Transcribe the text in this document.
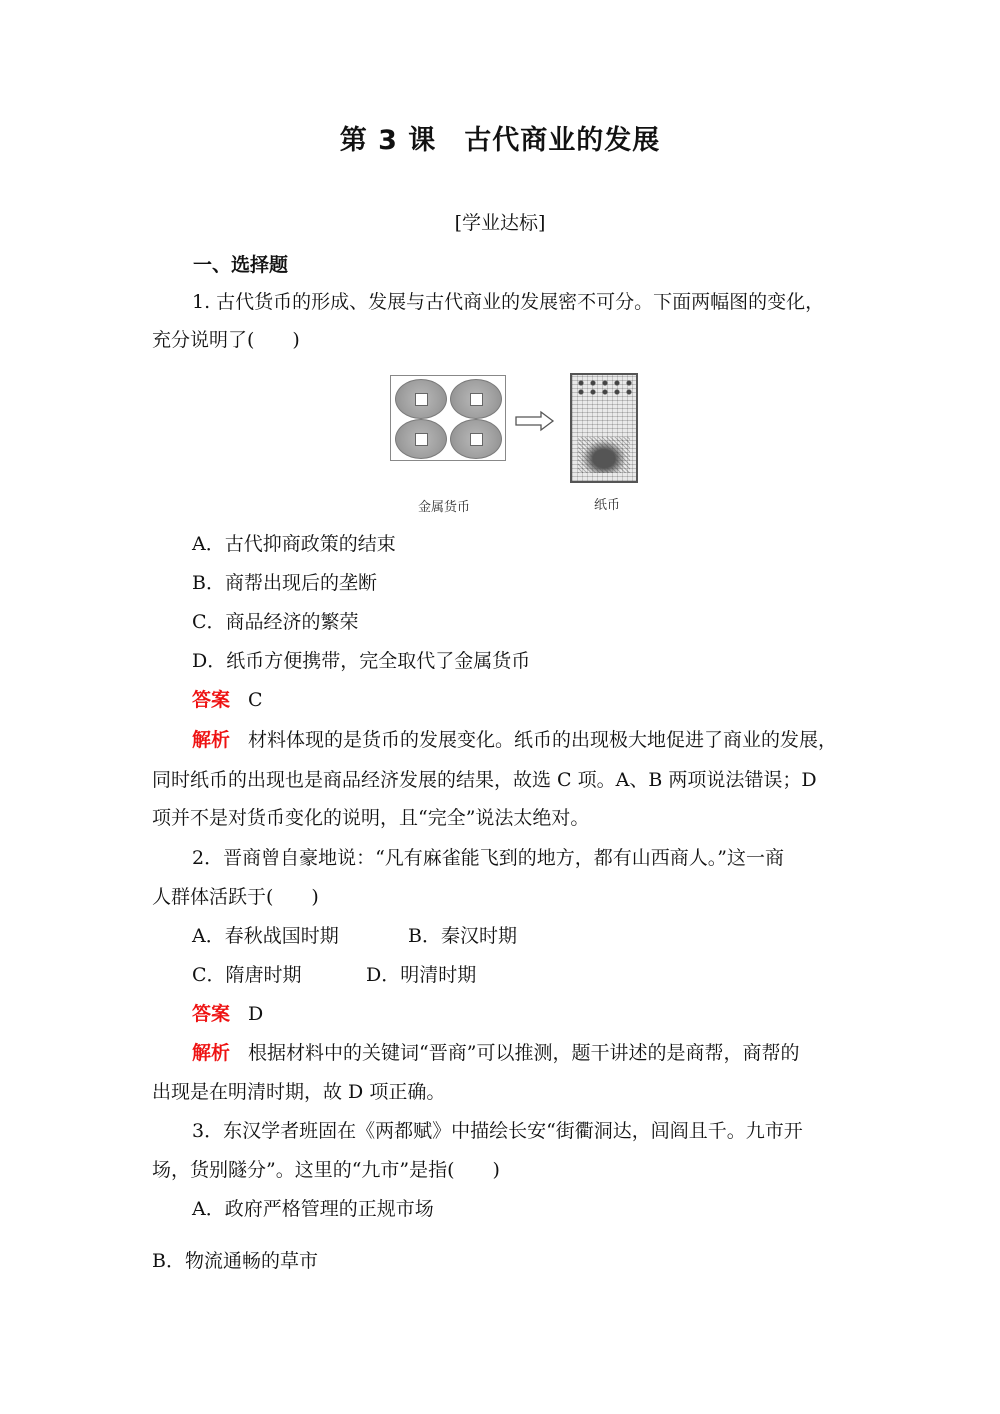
第 3 课 古代商业的发展
[学业达标]
一、选择题
1. 古代货币的形成、发展与古代商业的发展密不可分。下面两幅图的变化，
充分说明了(　　)
金属货币	纸币
A．古代抑商政策的结束
B．商帮出现后的垄断
C．商品经济的繁荣
D．纸币方便携带，完全取代了金属货币
答案 C
解析 材料体现的是货币的发展变化。纸币的出现极大地促进了商业的发展，
同时纸币的出现也是商品经济发展的结果，故选 C 项。A、B 两项说法错误；D
项并不是对货币变化的说明，且“完全”说法太绝对。
2．晋商曾自豪地说：“凡有麻雀能飞到的地方，都有山西商人。”这一商
人群体活跃于(　　)
A．春秋战国时期	B．秦汉时期
C．隋唐时期	D．明清时期
答案 D
解析 根据材料中的关键词“晋商”可以推测，题干讲述的是商帮，商帮的
出现是在明清时期，故 D 项正确。
3．东汉学者班固在《两都赋》中描绘长安“街衢洞达，闾阎且千。九市开
场，货别隧分”。这里的“九市”是指(　　)
A．政府严格管理的正规市场
B．物流通畅的草市
